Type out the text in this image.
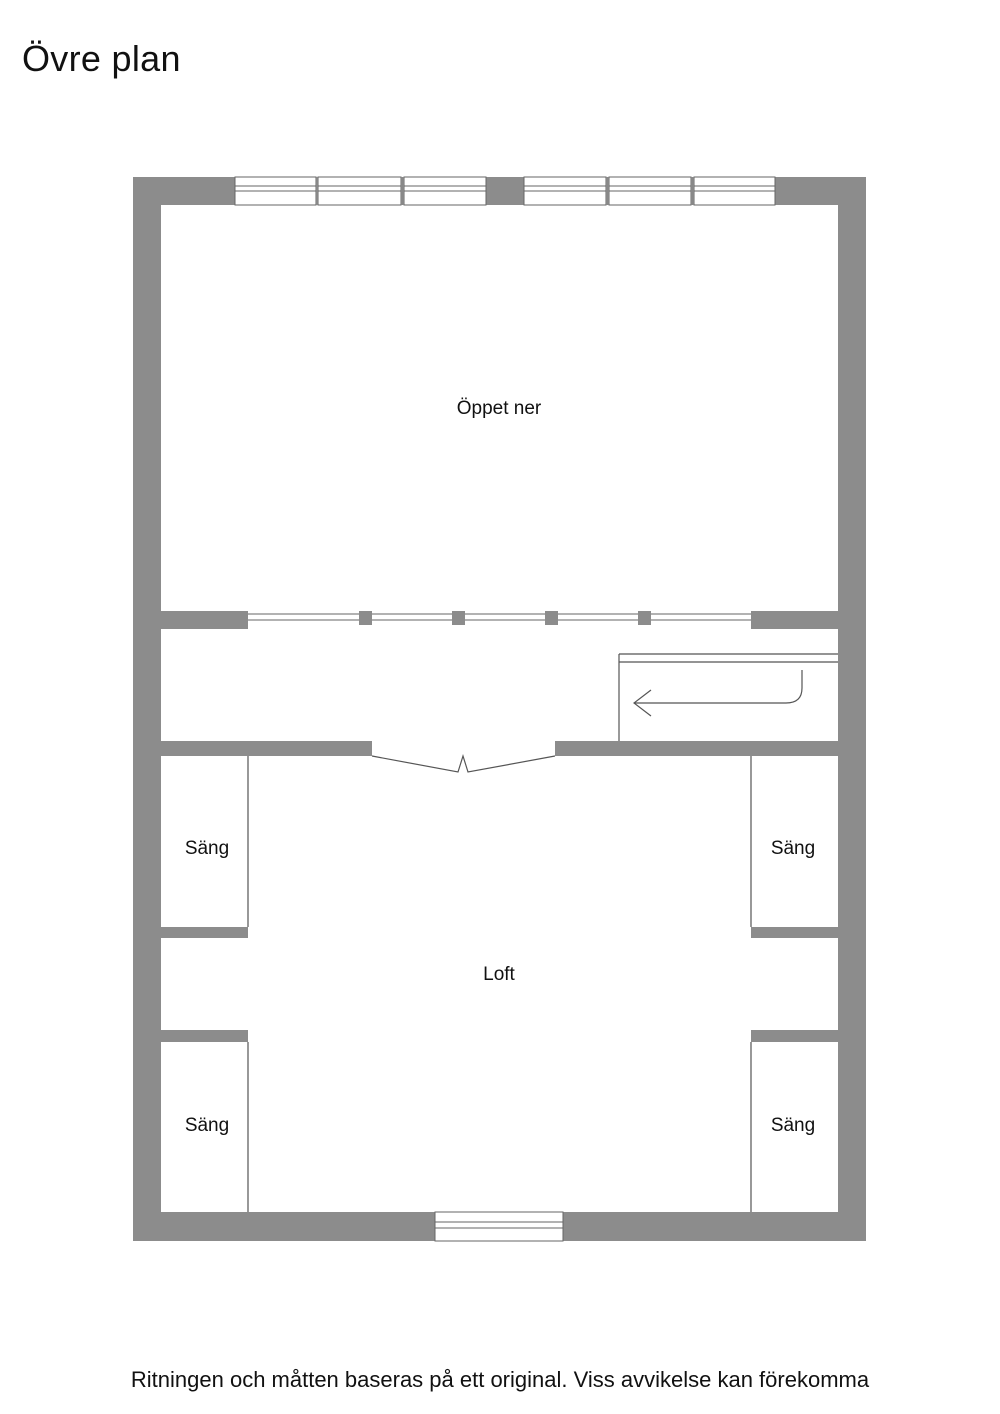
Övre plan
Öppet ner
Loft
Säng	Säng
Säng	Säng
Ritningen och måtten baseras på ett original. Viss avvikelse kan förekomma
